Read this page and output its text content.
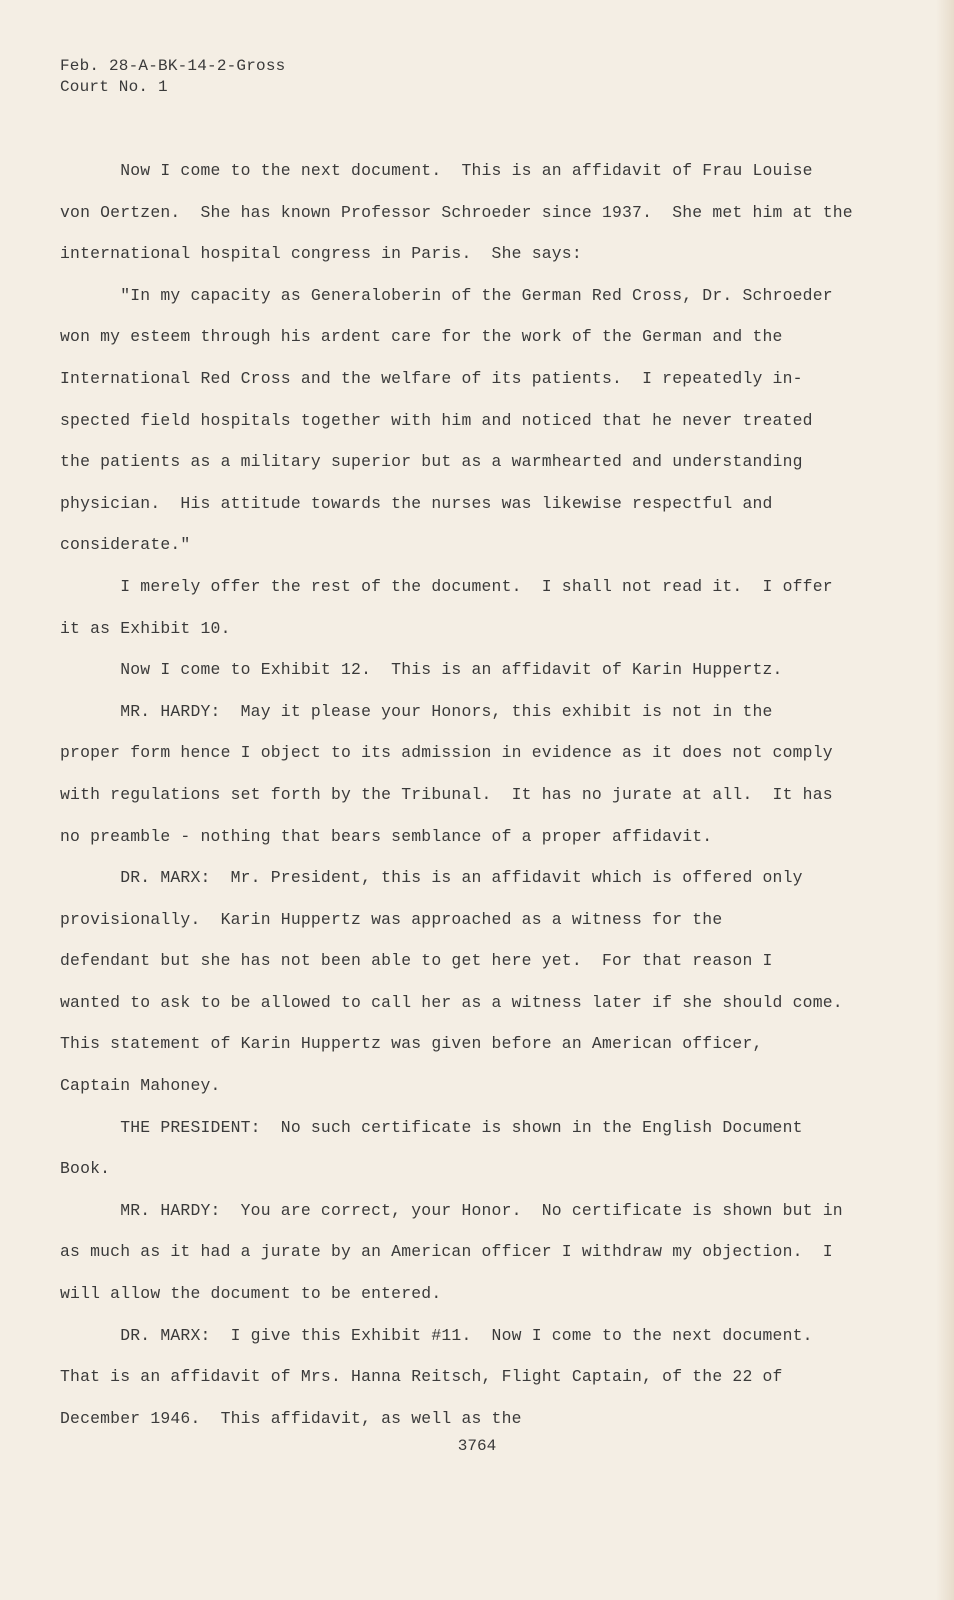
Feb. 28-A-BK-14-2-Gross
Court No. 1
Now I come to the next document.  This is an affidavit of Frau Louise
von Oertzen.  She has known Professor Schroeder since 1937.  She met him at the
international hospital congress in Paris.  She says:
"In my capacity as Generaloberin of the German Red Cross, Dr. Schroeder
won my esteem through his ardent care for the work of the German and the
International Red Cross and the welfare of its patients.  I repeatedly in-
spected field hospitals together with him and noticed that he never treated
the patients as a military superior but as a warmhearted and understanding
physician.  His attitude towards the nurses was likewise respectful and
considerate."
I merely offer the rest of the document.  I shall not read it.  I offer
it as Exhibit 10.
Now I come to Exhibit 12.  This is an affidavit of Karin Huppertz.
MR. HARDY:  May it please your Honors, this exhibit is not in the
proper form hence I object to its admission in evidence as it does not comply
with regulations set forth by the Tribunal.  It has no jurate at all.  It has
no preamble - nothing that bears semblance of a proper affidavit.
DR. MARX:  Mr. President, this is an affidavit which is offered only
provisionally.  Karin Huppertz was approached as a witness for the
defendant but she has not been able to get here yet.  For that reason I
wanted to ask to be allowed to call her as a witness later if she should come.
This statement of Karin Huppertz was given before an American officer,
Captain Mahoney.
THE PRESIDENT:  No such certificate is shown in the English Document
Book.
MR. HARDY:  You are correct, your Honor.  No certificate is shown but in
as much as it had a jurate by an American officer I withdraw my objection.  I
will allow the document to be entered.
DR. MARX:  I give this Exhibit #11.  Now I come to the next document.
That is an affidavit of Mrs. Hanna Reitsch, Flight Captain, of the 22 of
December 1946.  This affidavit, as well as the
3764
